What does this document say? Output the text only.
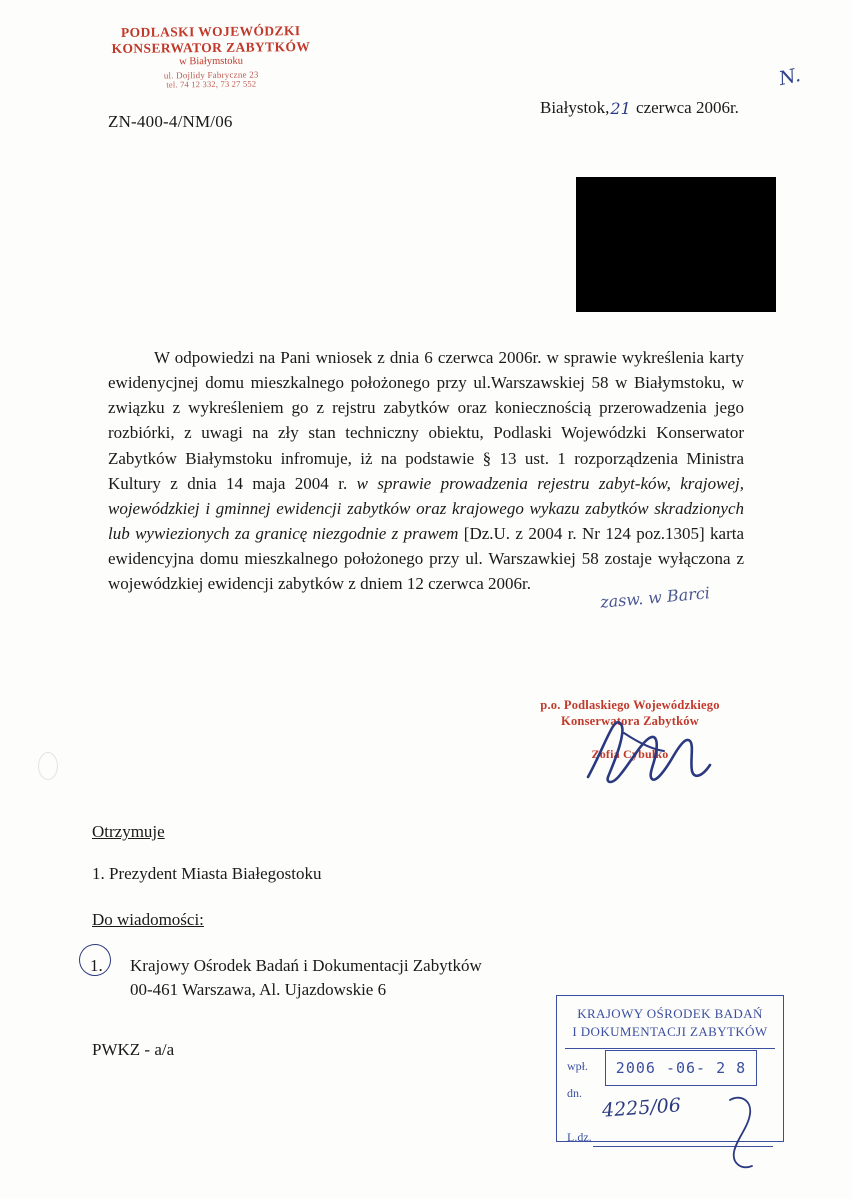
PODLASKI WOJEWÓDZKI
KONSERWATOR ZABYTKÓW
w Białymstoku
ul. Dojlidy Fabryczne 23
tel. 74 12 332, 73 27 552	N.
ZN-400-4/NM/06
Białystok,21 czerwca 2006r.

W odpowiedzi na Pani wniosek z dnia 6 czerwca 2006r. w sprawie wykreślenia karty ewidenycjnej domu mieszkalnego położonego przy ul.Warszawskiej 58 w Białymstoku, w związku z wykreśleniem go z rejstru zabytków oraz koniecznością przerowadzenia jego rozbiórki, z uwagi na zły stan techniczny obiektu, Podlaski Wojewódzki Konserwator Zabytków Białymstoku infromuje, iż na podstawie § 13 ust. 1 rozporządzenia Ministra Kultury z dnia 14 maja 2004 r. w sprawie prowadzenia rejestru zabyt-ków, krajowej, wojewódzkiej i gminnej ewidencji zabytków oraz krajowego wykazu zabytków skradzionych lub wywiezionych za granicę niezgodnie z prawem [Dz.U. z 2004 r. Nr 124 poz.1305] karta ewidencyjna domu mieszkalnego położonego przy ul. Warszawkiej 58 zostaje wyłączona z wojewódzkiej ewidencji zabytków z dniem 12 czerwca 2006r.	zasw. w Barci
p.o. Podlaskiego Wojewódzkiego
Konserwatora Zabytków
Zofia Cybulko
Otrzymuje
1. Prezydent Miasta Białegostoku
Do wiadomości:
1. Krajowy Ośrodek Badań i Dokumentacji Zabytków
00-461 Warszawa, Al. Ujazdowskie 6
PWKZ - a/a
KRAJOWY OŚRODEK BADAŃ
I DOKUMENTACJI ZABYTKÓW
wpł.	2006 -06- 2 8
dn.
L.dz.
4225/06
